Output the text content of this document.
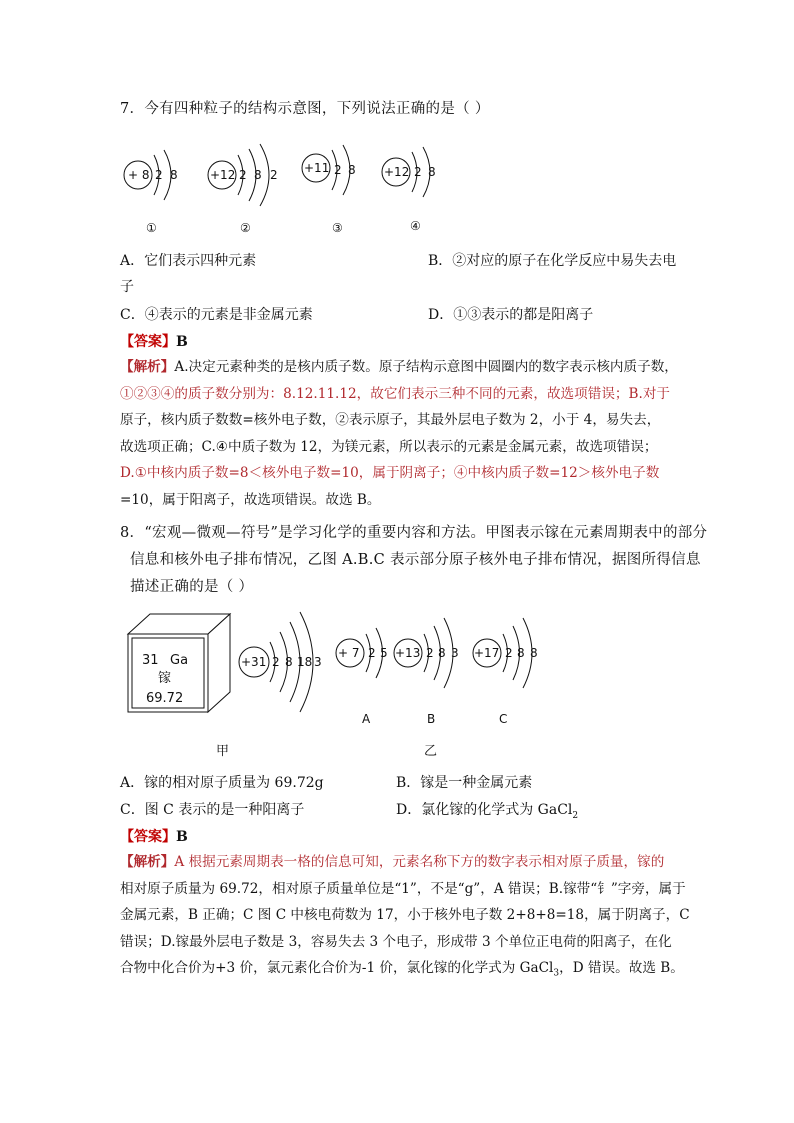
7．今有四种粒子的结构示意图，下列说法正确的是（ ）
+ 8 2 8
①
+12 2 8 2
②
+11 2 8
③
+12 2 8
④
A．它们表示四种元素	B．②对应的原子在化学反应中易失去电
子
C．④表示的元素是非金属元素	D．①③表示的都是阳离子
【答案】B
【解析】A.决定元素种类的是核内质子数。原子结构示意图中圆圈内的数字表示核内质子数，
①②③④的质子数分别为：8.12.11.12，故它们表示三种不同的元素，故选项错误；B.对于
原子，核内质子数数=核外电子数，②表示原子，其最外层电子数为 2，小于 4，易失去，
故选项正确；C.④中质子数为 12，为镁元素，所以表示的元素是金属元素，故选项错误；
D.①中核内质子数=8＜核外电子数=10，属于阴离子；④中核内质子数=12＞核外电子数
=10，属于阳离子，故选项错误。故选 B。
8．“宏观—微观—符号”是学习化学的重要内容和方法。甲图表示镓在元素周期表中的部分
信息和核外电子排布情况，乙图 A.B.C 表示部分原子核外电子排布情况，据图所得信息
描述正确的是（ ）
31 Ga
镓
69.72
+31 2 8 18 3
+ 7 2 5
A
+13 2 8 3
B
+17 2 8 8
C
甲	乙
A．镓的相对原子质量为 69.72g	B．镓是一种金属元素
C．图 C 表示的是一种阳离子	D．氯化镓的化学式为 GaCl$_2$
【答案】B
【解析】A 根据元素周期表一格的信息可知，元素名称下方的数字表示相对原子质量，镓的
相对原子质量为 69.72，相对原子质量单位是“1”，不是“g”，A 错误；B.镓带“钅”字旁，属于
金属元素，B 正确；C 图 C 中核电荷数为 17，小于核外电子数 2+8+8=18，属于阴离子，C
错误；D.镓最外层电子数是 3，容易失去 3 个电子，形成带 3 个单位正电荷的阳离子，在化
合物中化合价为+3 价，氯元素化合价为-1 价，氯化镓的化学式为 GaCl$_3$，D 错误。故选 B。
